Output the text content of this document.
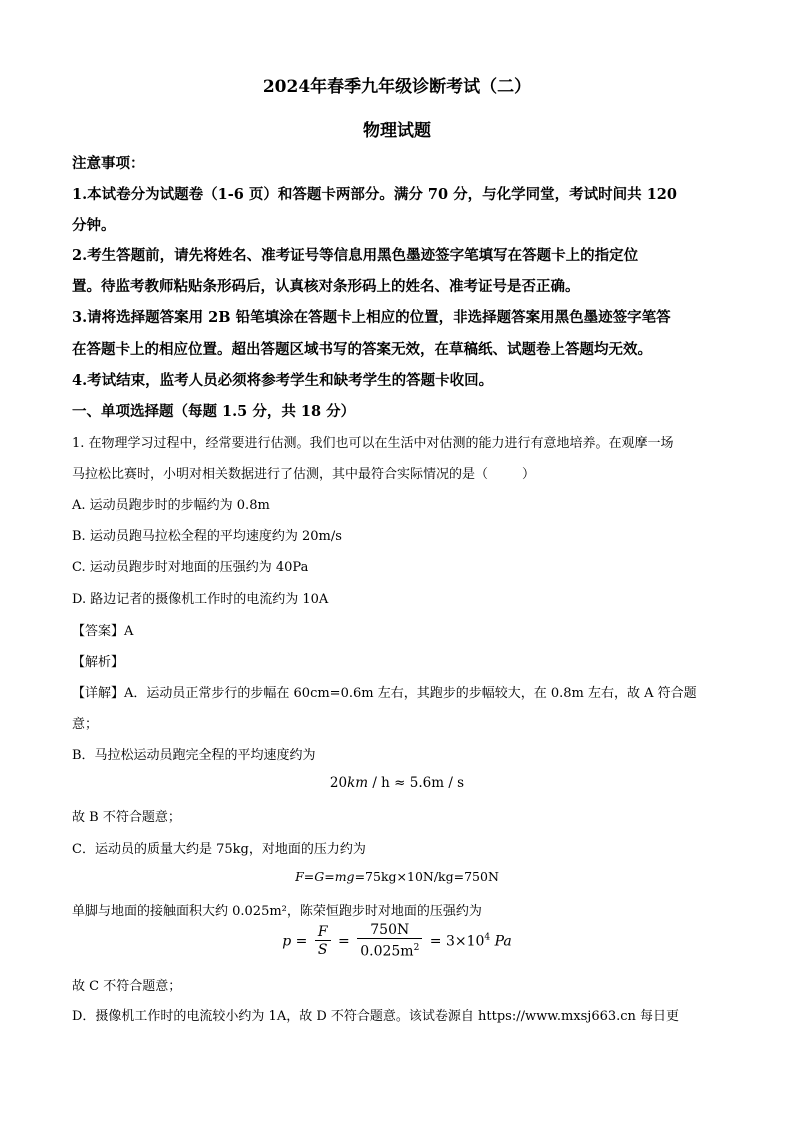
2024年春季九年级诊断考试（二）
物理试题
注意事项：
1.本试卷分为试题卷（1-6 页）和答题卡两部分。满分 70 分，与化学同堂，考试时间共 120
分钟。
2.考生答题前，请先将姓名、准考证号等信息用黑色墨迹签字笔填写在答题卡上的指定位
置。待监考教师粘贴条形码后，认真核对条形码上的姓名、准考证号是否正确。
3.请将选择题答案用 2B 铅笔填涂在答题卡上相应的位置，非选择题答案用黑色墨迹签字笔答
在答题卡上的相应位置。超出答题区域书写的答案无效，在草稿纸、试题卷上答题均无效。
4.考试结束，监考人员必须将参考学生和缺考学生的答题卡收回。
一、单项选择题（每题 1.5 分，共 18 分）
1. 在物理学习过程中，经常要进行估测。我们也可以在生活中对估测的能力进行有意地培养。在观摩一场
马拉松比赛时，小明对相关数据进行了估测，其中最符合实际情况的是（	）
A. 运动员跑步时的步幅约为 0.8m
B. 运动员跑马拉松全程的平均速度约为 20m/s
C. 运动员跑步时对地面的压强约为 40Pa
D. 路边记者的摄像机工作时的电流约为 10A
【答案】A
【解析】
【详解】A．运动员正常步行的步幅在 60cm=0.6m 左右，其跑步的步幅较大，在 0.8m 左右，故 A 符合题
意；
B．马拉松运动员跑完全程的平均速度约为
20km / h ≈ 5.6m / s
故 B 不符合题意；
C．运动员的质量大约是 75kg，对地面的压力约为
F=G=mg=75kg×10N/kg=750N
单脚与地面的接触面积大约 0.025m²，陈荣恒跑步时对地面的压强约为
$p = \frac{F}{S} = \frac{750N}{0.025m^2} = 3\times 10^4$ Pa
故 C 不符合题意；
D．摄像机工作时的电流较小约为 1A，故 D 不符合题意。该试卷源自 https://www.mxsj663.cn 每日更
